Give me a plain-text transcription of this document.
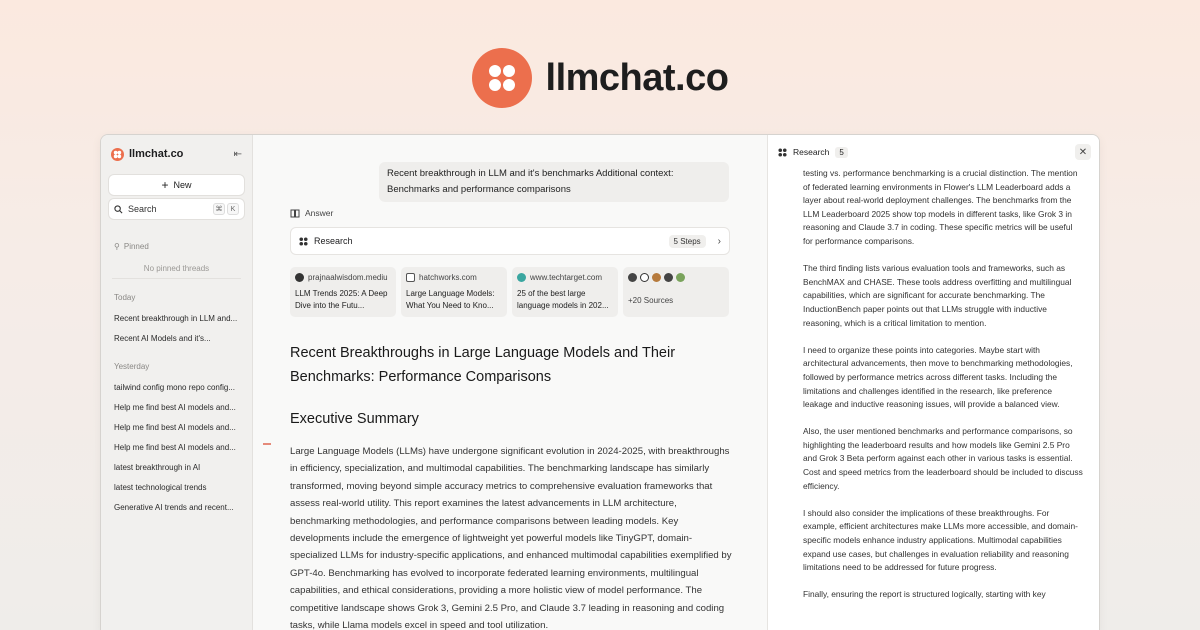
llmchat.co
llmchat.co	⇤
+ New
Search	⌘	K
⚲ Pinned
No pinned threads
Today
Recent breakthrough in LLM and...
Recent AI Models and it's...
Yesterday
tailwind config mono repo config...
Help me find best AI models and...
Help me find best AI models and...
Help me find best AI models and...
latest breakthrough in AI
latest technological trends
Generative AI trends and recent...
Recent breakthrough in LLM and it's benchmarks Additional context: Benchmarks and performance comparisons
Answer
Research	5 Steps	›
prajnaalwisdom.mediu
LLM Trends 2025: A Deep Dive into the Futu...
hatchworks.com
Large Language Models: What You Need to Kno...
www.techtarget.com
25 of the best large language models in 202...
+20 Sources
Recent Breakthroughs in Large Language Models and Their Benchmarks: Performance Comparisons
Executive Summary
Large Language Models (LLMs) have undergone significant evolution in 2024-2025, with breakthroughs in efficiency, specialization, and multimodal capabilities. The benchmarking landscape has similarly transformed, moving beyond simple accuracy metrics to comprehensive evaluation frameworks that assess real-world utility. This report examines the latest advancements in LLM architecture, benchmarking methodologies, and performance comparisons between leading models. Key developments include the emergence of lightweight yet powerful models like TinyGPT, domain-specialized LLMs for industry-specific applications, and enhanced multimodal capabilities exemplified by GPT-4o. Benchmarking has evolved to incorporate federated learning environments, multilingual capabilities, and ethical considerations, providing a more holistic view of model performance. The competitive landscape shows Grok 3, Gemini 2.5 Pro, and Claude 3.7 leading in reasoning and coding tasks, while Llama models excel in speed and tool utilization.
Research	5	✕

testing vs. performance benchmarking is a crucial distinction. The mention of federated learning environments in Flower's LLM Leaderboard adds a layer about real-world deployment challenges. The benchmarks from the LLM Leaderboard 2025 show top models in different tasks, like Grok 3 in reasoning and Claude 3.7 in coding. These specific metrics will be useful for performance comparisons.

The third finding lists various evaluation tools and frameworks, such as BenchMAX and CHASE. These tools address overfitting and multilingual capabilities, which are significant for accurate benchmarking. The InductionBench paper points out that LLMs struggle with inductive reasoning, which is a critical limitation to mention.

I need to organize these points into categories. Maybe start with architectural advancements, then move to benchmarking methodologies, followed by performance metrics across different tasks. Including the limitations and challenges identified in the research, like preference leakage and inductive reasoning issues, will provide a balanced view.

Also, the user mentioned benchmarks and performance comparisons, so highlighting the leaderboard results and how models like Gemini 2.5 Pro and Grok 3 Beta perform against each other in various tasks is essential. Cost and speed metrics from the leaderboard should be included to discuss efficiency.

I should also consider the implications of these breakthroughs. For example, efficient architectures make LLMs more accessible, and domain-specific models enhance industry applications. Multimodal capabilities expand use cases, but challenges in evaluation reliability and reasoning limitations need to be addressed for future progress.

Finally, ensuring the report is structured logically, starting with key
